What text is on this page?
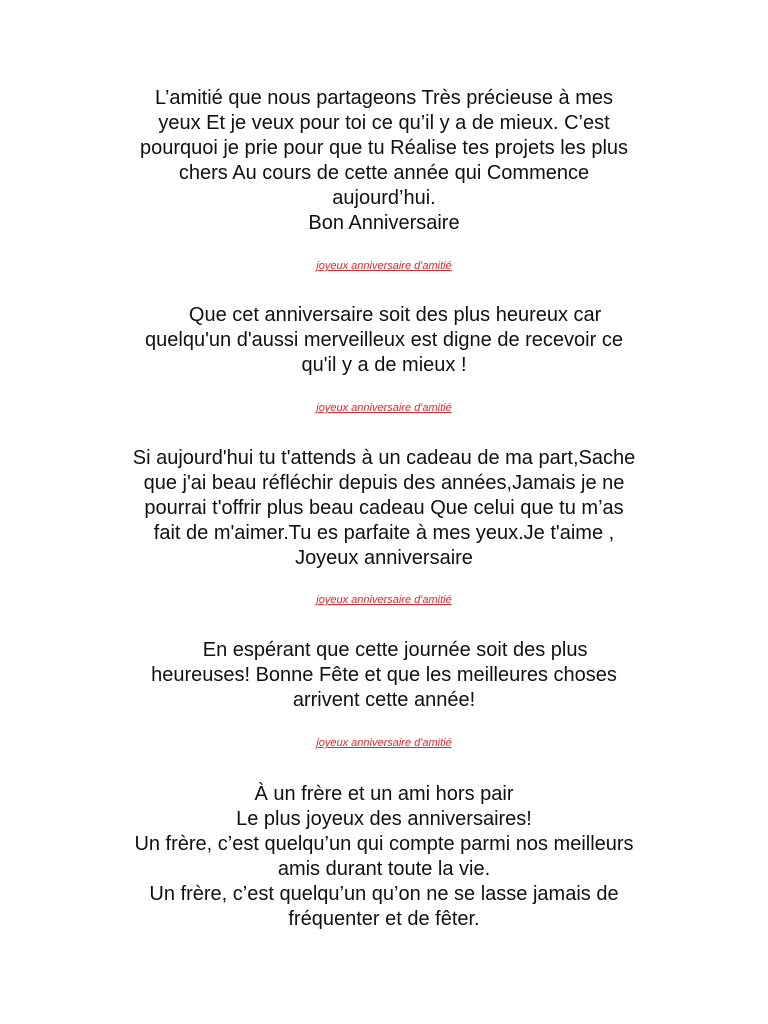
L’amitié que nous partageons Très précieuse à mes
yeux Et je veux pour toi ce qu’il y a de mieux. C’est
pourquoi je prie pour que tu Réalise tes projets les plus
chers Au cours de cette année qui Commence
aujourd’hui.
Bon Anniversaire

joyeux anniversaire d'amitié

Que cet anniversaire soit des plus heureux car
quelqu'un d'aussi merveilleux est digne de recevoir ce
qu'il y a de mieux !

joyeux anniversaire d'amitié

Si aujourd'hui tu t'attends à un cadeau de ma part,Sache
que j'ai beau réfléchir depuis des années,Jamais je ne
pourrai t'offrir plus beau cadeau Que celui que tu m’as
fait de m'aimer.Tu es parfaite à mes yeux.Je t'aime ,
Joyeux anniversaire

joyeux anniversaire d'amitié

En espérant que cette journée soit des plus
heureuses! Bonne Fête et que les meilleures choses
arrivent cette année!

joyeux anniversaire d'amitié

À un frère et un ami hors pair
Le plus joyeux des anniversaires!
Un frère, c’est quelqu’un qui compte parmi nos meilleurs
amis durant toute la vie.
Un frère, c’est quelqu’un qu’on ne se lasse jamais de
fréquenter et de fêter.
